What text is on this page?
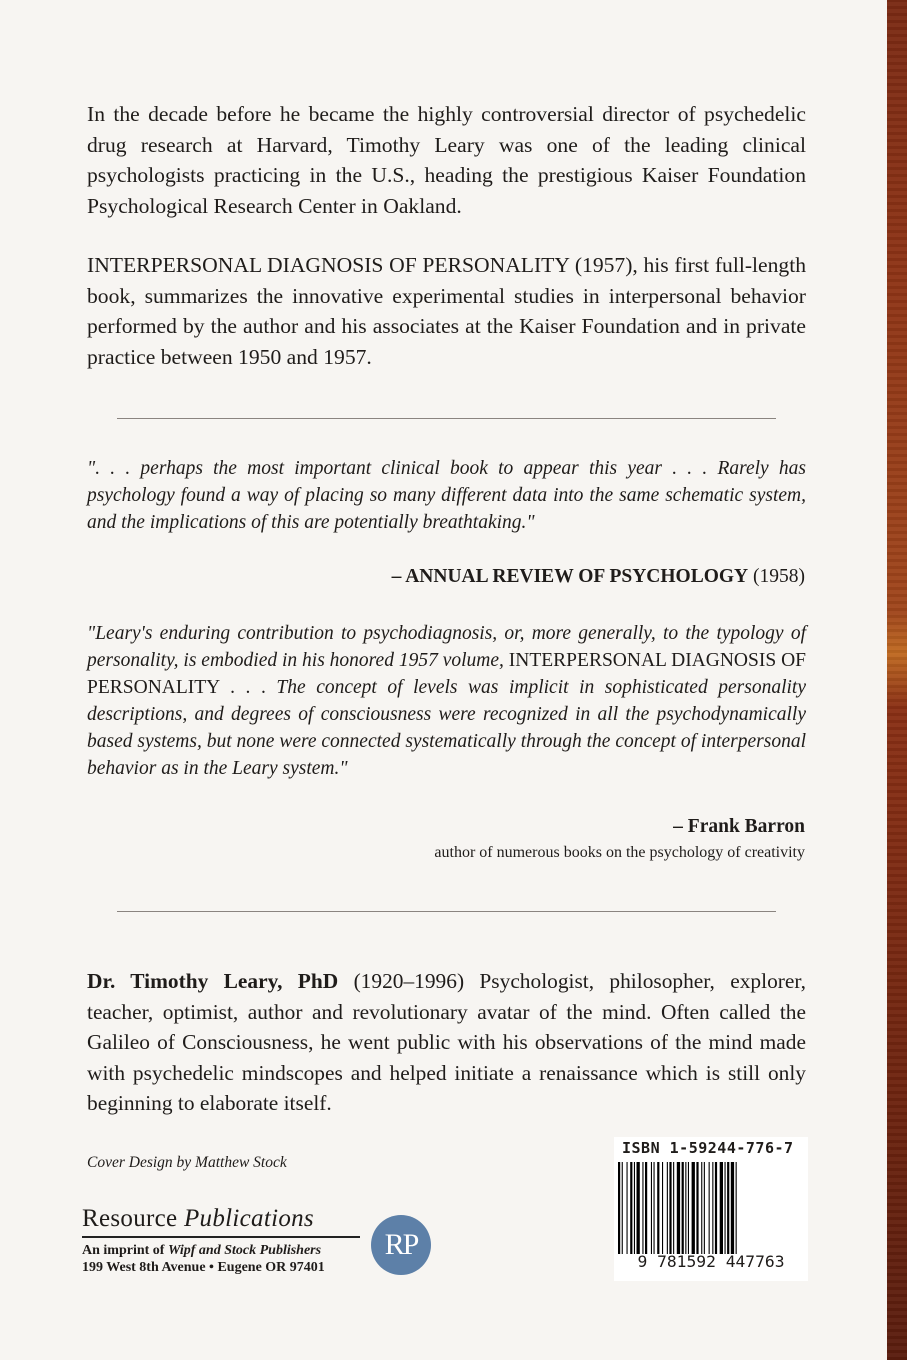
In the decade before he became the highly controversial director of psychedelic drug research at Harvard, Timothy Leary was one of the leading clinical psychologists practicing in the U.S., heading the prestigious Kaiser Foundation Psychological Research Center in Oakland.

INTERPERSONAL DIAGNOSIS OF PERSONALITY (1957), his first full-length book, summarizes the innovative experimental studies in interpersonal behavior performed by the author and his associates at the Kaiser Foundation and in private practice between 1950 and 1957.

". . . perhaps the most important clinical book to appear this year . . . Rarely has psychology found a way of placing so many different data into the same schematic system, and the implications of this are potentially breathtaking."

– ANNUAL REVIEW OF PSYCHOLOGY (1958)

"Leary's enduring contribution to psychodiagnosis, or, more generally, to the typology of personality, is embodied in his honored 1957 volume, INTERPERSONAL DIAGNOSIS OF PERSONALITY . . . The concept of levels was implicit in sophisticated personality descriptions, and degrees of consciousness were recognized in all the psychodynamically based systems, but none were connected systematically through the concept of interpersonal behavior as in the Leary system."

– Frank Barron

author of numerous books on the psychology of creativity

Dr. Timothy Leary, PhD (1920–1996) Psychologist, philosopher, explorer, teacher, optimist, author and revolutionary avatar of the mind. Often called the Galileo of Consciousness, he went public with his observations of the mind made with psychedelic mindscopes and helped initiate a renaissance which is still only beginning to elaborate itself.

Cover Design by Matthew Stock

Resource Publications

An imprint of Wipf and Stock Publishers

199 West 8th Avenue • Eugene OR 97401

RP

ISBN 1-59244-776-7

9 781592 447763
